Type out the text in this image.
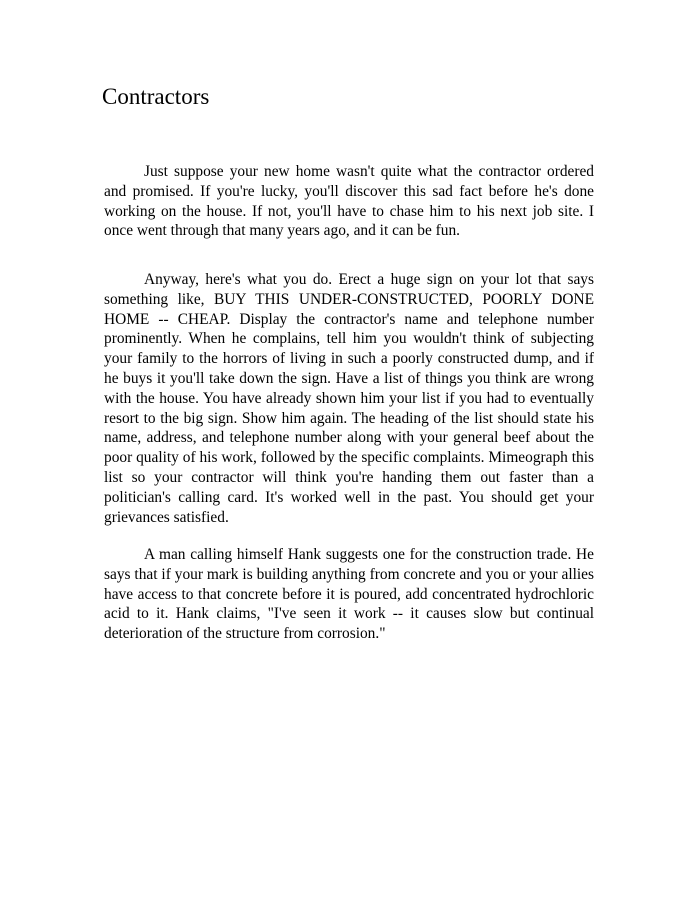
Contractors

Just suppose your new home wasn't quite what the contractor ordered and promised. If you're lucky, you'll discover this sad fact before he's done working on the house. If not, you'll have to chase him to his next job site. I once went through that many years ago, and it can be fun.

Anyway, here's what you do. Erect a huge sign on your lot that says something like, BUY THIS UNDER-CONSTRUCTED, POORLY DONE HOME -- CHEAP. Display the contractor's name and telephone number prominently. When he complains, tell him you wouldn't think of subjecting your family to the horrors of living in such a poorly constructed dump, and if he buys it you'll take down the sign. Have a list of things you think are wrong with the house. You have already shown him your list if you had to eventually resort to the big sign. Show him again. The heading of the list should state his name, address, and telephone number along with your general beef about the poor quality of his work, followed by the specific complaints. Mimeograph this list so your contractor will think you're handing them out faster than a politician's calling card. It's worked well in the past. You should get your grievances satisfied.

A man calling himself Hank suggests one for the construction trade. He says that if your mark is building anything from concrete and you or your allies have access to that concrete before it is poured, add concentrated hydrochloric acid to it. Hank claims, "I've seen it work -- it causes slow but continual deterioration of the structure from corrosion."
